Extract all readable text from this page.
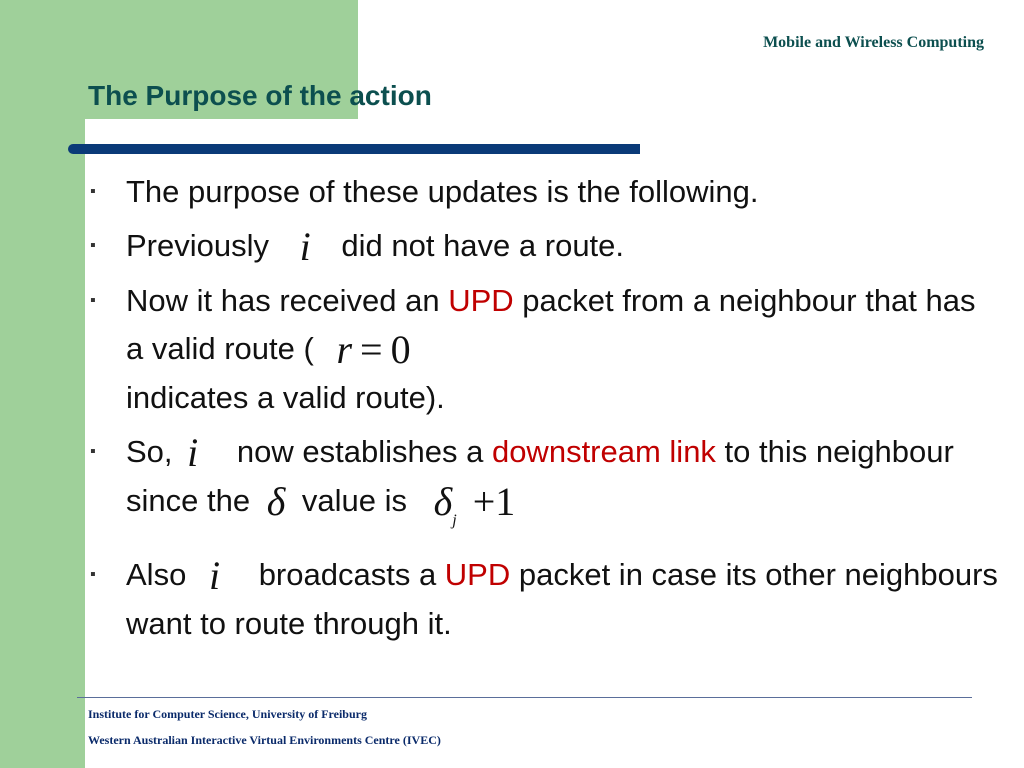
Mobile and Wireless Computing
The Purpose of the action
▪ The purpose of these updates is the following.
▪ Previously i did not have a route.
▪ Now it has received an UPD packet from a neighbour that has a valid route ( r = 0
indicates a valid route).
▪ So, i now establishes a downstream link to this neighbour since the δ value is $\delta_j +1$
▪ Also i broadcasts a UPD packet in case its other neighbours want to route through it.
Institute for Computer Science, University of Freiburg
Western Australian Interactive Virtual Environments Centre (IVEC)
